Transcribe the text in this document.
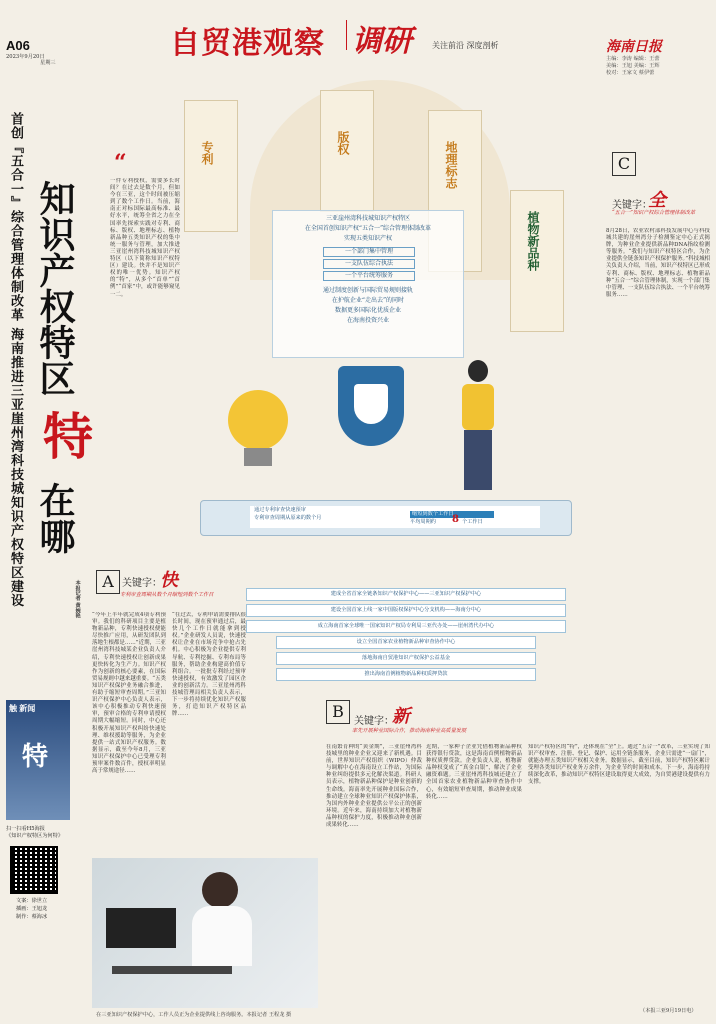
A06
2023年9月20日
星期三
自贸港观察 调研	关注前沿 深度剖析	海南日报
主编：李涛 编辑：王蕾
美编：王旭 美编：王辉
校对：王家文 蔡伊蕾
首创『五合一』综合管理体制改革 海南推进三亚崖州湾科技城知识产权特区建设 知识产权特区
特
在哪
本报记者 黄婉艳
触 新闻
特
扫一扫看H5海报
《知识产权特区为何特》
文案：徐世立
插画：王旭龙
制作：蔡海冰
专利	版权	地理标志
植物新品种
三亚崖州湾科技城知识产权特区
在全国首创知识产权“五合一”综合管理体制改革
实现五类知识产权
一个部门集中管理
一支队伍综合执法
一个平台统筹服务
通过制度创新与国际贸易规则接轨
在护航企业“走出去”的同时
数据更多国际化优质企业
在海南投资兴业
通过专利审查快速预审
专利审查周期从原来的数个月
缩短到数个工作日
平均周期约	8 个工作日
建成全省首家全链条知识产权保护中心——三亚知识产权保护中心
建设全国首家上线一家中国版权保护中心分支机构——海南分中心
成立海南首家全球唯一国家知识产权局专利局三亚代办处——崖州湾代办中心
设立全国首家农业植物新品种审查协作中心
落地海南自贸港知识产权保护公益基金
推出海南首例植物新品种权质押贷款
“
一件专利授权，需要多长时间？在过去是数个月，但如今在三亚，这个时间被压缩到了数个工作日。当前，海南正对标国际最高标准、最好水平，统筹全省之力在全国率先探索实践对专利、商标、版权、地理标志、植物新品种五类知识产权的集中统一服务与管理，加大推进三亚崖州湾科技城知识产权特区（以下简称知识产权特区）建设。快并不是知识产权的唯一优势。知识产权的“特”，从多个“首单”“首例”“首家”中，或许能够窥见一二。
A 关键字：
快
专利审查周期从数个月缩短到数个工作日
“今年上半年就完成4项专利预审。我们的科研项目主要是植物新品种，专利快速授权便能尽快推广应用，从研发团队到落地生根都是……”近期，三亚崖州湾科技城某企业负责人介绍，专利快速授权让创新成果更快转化为生产力。知识产权作为创新的核心要素，在国际贸易规则中越来越重要。“五类知识产权保护业务融合推进，有助于缩短审查周期。”三亚知识产权保护中心负责人表示，该中心积极推动专利快速预审，预审合格的专利申请授权周期大幅缩短。同时，中心还积极开展知识产权纠纷快速处理、维权援助等服务，为企业提供一站式知识产权服务。数据显示，截至今年8月，三亚知识产权保护中心已受理专利预审案件数百件，授权率明显高于常规途径……
“在过去，专利申请需要排队很长时间，现在预审通过后，最快几个工作日就能拿到授权。”企业研发人员说，快速授权让企业在市场竞争中抢占先机。中心积极为企业提供专利导航、专利挖掘、专利布局等服务，帮助企业构建高价值专利组合。一批批专利经过预审快速授权，有效激发了园区企业的创新活力。三亚崖州湾科技城管理局相关负责人表示，下一步将持续优化知识产权服务，打造知识产权特区品牌……
在三亚知识产权保护中心，工作人员正为企业提供线上咨询服务。本报记者 王程龙 摄
B
关键字：
新
率先开展种业国际合作，推动海南种业高质量发展
在南繁育种的“黄金期”，三亚崖州湾科技城里的种业企业又迎来了新机遇。目前，世界知识产权组织（WIPO）仲裁与调解中心在海南设立工作站，为国际种业纠纷提供多元化解决渠道。科研人员表示，植物新品种保护是种业创新的生命线。海南率先开展种业国际合作，推动建立全球种业知识产权保护体系，为国内外种业企业提供公平公正的创新环境。近年来，海南持续加大对植物新品种权的保护力度，积极推动种业创新成果转化……
近期，一家种子企业凭借植物新品种权获得银行贷款，这是海南首例植物新品种权质押贷款。企业负责人说，植物新品种权变成了“真金白银”，解决了企业融资难题。三亚崖州湾科技城还建立了全国首家农业植物新品种审查协作中心，有效缩短审查周期，推动种业成果转化……
C
关键字：
全
“五合一”知识产权综合管理体制改革
8月28日，农业农村部科技发展中心与科技城共建的崖州湾分子检测鉴定中心正式揭牌，为种业企业提供新品种DNA指纹检测等服务。“我们与知识产权特区合作，为企业提供全链条知识产权保护服务。”科技城相关负责人介绍，当前，知识产权特区已形成专利、商标、版权、地理标志、植物新品种“五合一”综合管理体制，实现一个部门集中管理、一支队伍综合执法、一个平台统筹服务……
知识产权特区的“特”，还体现在“全”上。通过“五合一”改革，三亚实现了知识产权审查、注册、登记、保护、运用全链条服务，企业只需进“一扇门”，就能办理五类知识产权相关业务。数据显示，截至目前，知识产权特区累计受理各类知识产权业务万余件，为企业节约时间和成本。下一步，海南将持续深化改革，推动知识产权特区建设取得更大成效，为自贸港建设提供有力支撑。
（本报三亚9月19日电）
